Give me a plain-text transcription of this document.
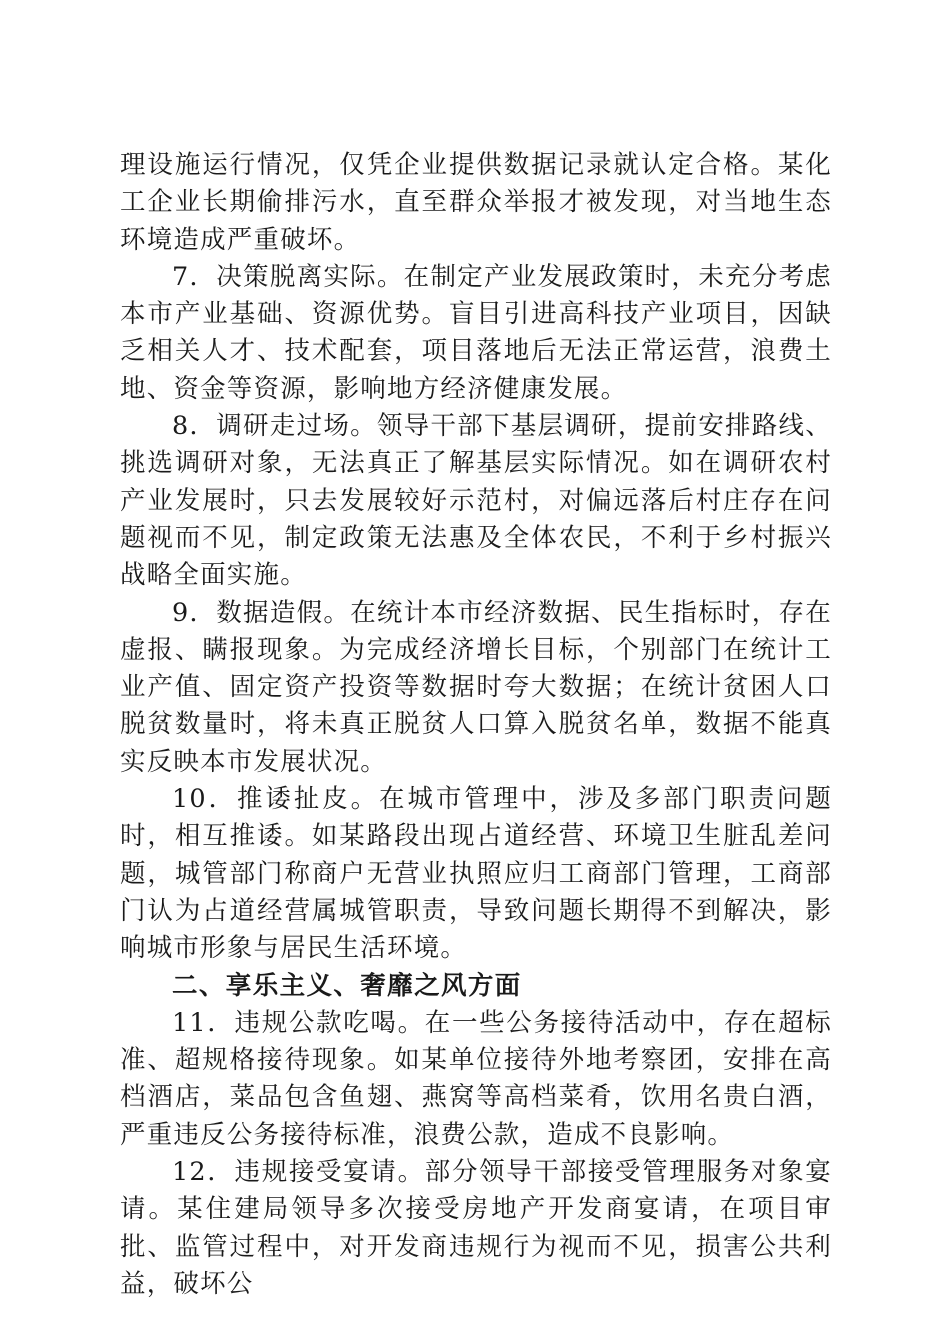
理设施运行情况，仅凭企业提供数据记录就认定合格。某化工企业长期偷排污水，直至群众举报才被发现，对当地生态环境造成严重破坏。

7．决策脱离实际。在制定产业发展政策时，未充分考虑本市产业基础、资源优势。盲目引进高科技产业项目，因缺乏相关人才、技术配套，项目落地后无法正常运营，浪费土地、资金等资源，影响地方经济健康发展。

8．调研走过场。领导干部下基层调研，提前安排路线、挑选调研对象，无法真正了解基层实际情况。如在调研农村产业发展时，只去发展较好示范村，对偏远落后村庄存在问题视而不见，制定政策无法惠及全体农民，不利于乡村振兴战略全面实施。

9．数据造假。在统计本市经济数据、民生指标时，存在虚报、瞒报现象。为完成经济增长目标，个别部门在统计工业产值、固定资产投资等数据时夸大数据；在统计贫困人口脱贫数量时，将未真正脱贫人口算入脱贫名单，数据不能真实反映本市发展状况。

10．推诿扯皮。在城市管理中，涉及多部门职责问题时，相互推诿。如某路段出现占道经营、环境卫生脏乱差问题，城管部门称商户无营业执照应归工商部门管理，工商部门认为占道经营属城管职责，导致问题长期得不到解决，影响城市形象与居民生活环境。

二、享乐主义、奢靡之风方面

11．违规公款吃喝。在一些公务接待活动中，存在超标准、超规格接待现象。如某单位接待外地考察团，安排在高档酒店，菜品包含鱼翅、燕窝等高档菜肴，饮用名贵白酒，严重违反公务接待标准，浪费公款，造成不良影响。

12．违规接受宴请。部分领导干部接受管理服务对象宴请。某住建局领导多次接受房地产开发商宴请，在项目审批、监管过程中，对开发商违规行为视而不见，损害公共利益，破坏公
